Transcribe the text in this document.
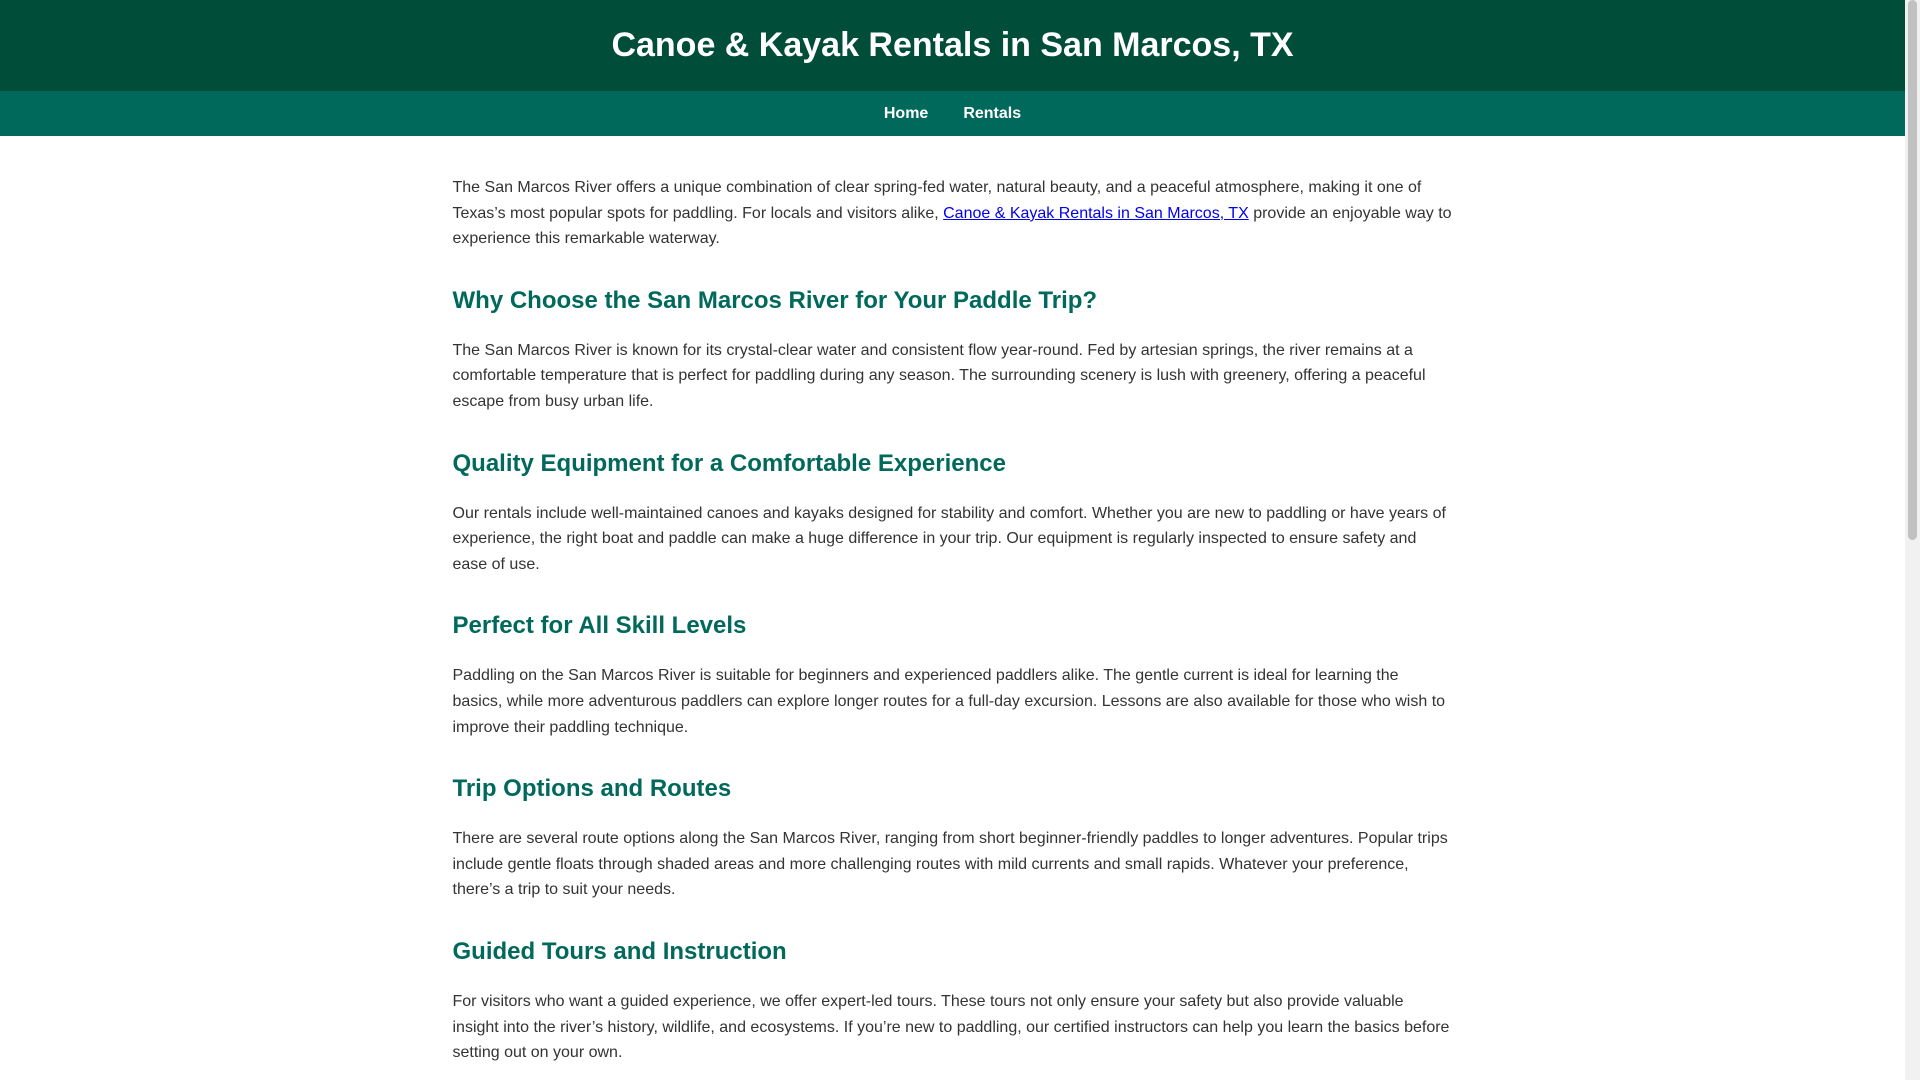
Canoe & Kayak Rentals in San Marcos, TX
Home Rentals

The San Marcos River offers a unique combination of clear spring-fed water, natural beauty, and a peaceful atmosphere, making it one of Texas’s most popular spots for paddling. For locals and visitors alike, Canoe & Kayak Rentals in San Marcos, TX provide an enjoyable way to experience this remarkable waterway.

Why Choose the San Marcos River for Your Paddle Trip?

The San Marcos River is known for its crystal-clear water and consistent flow year-round. Fed by artesian springs, the river remains at a comfortable temperature that is perfect for paddling during any season. The surrounding scenery is lush with greenery, offering a peaceful escape from busy urban life.

Quality Equipment for a Comfortable Experience

Our rentals include well-maintained canoes and kayaks designed for stability and comfort. Whether you are new to paddling or have years of experience, the right boat and paddle can make a huge difference in your trip. Our equipment is regularly inspected to ensure safety and ease of use.

Perfect for All Skill Levels

Paddling on the San Marcos River is suitable for beginners and experienced paddlers alike. The gentle current is ideal for learning the basics, while more adventurous paddlers can explore longer routes for a full-day excursion. Lessons are also available for those who wish to improve their paddling technique.

Trip Options and Routes

There are several route options along the San Marcos River, ranging from short beginner-friendly paddles to longer adventures. Popular trips include gentle floats through shaded areas and more challenging routes with mild currents and small rapids. Whatever your preference, there’s a trip to suit your needs.

Guided Tours and Instruction

For visitors who want a guided experience, we offer expert-led tours. These tours not only ensure your safety but also provide valuable insight into the river’s history, wildlife, and ecosystems. If you’re new to paddling, our certified instructors can help you learn the basics before setting out on your own.
